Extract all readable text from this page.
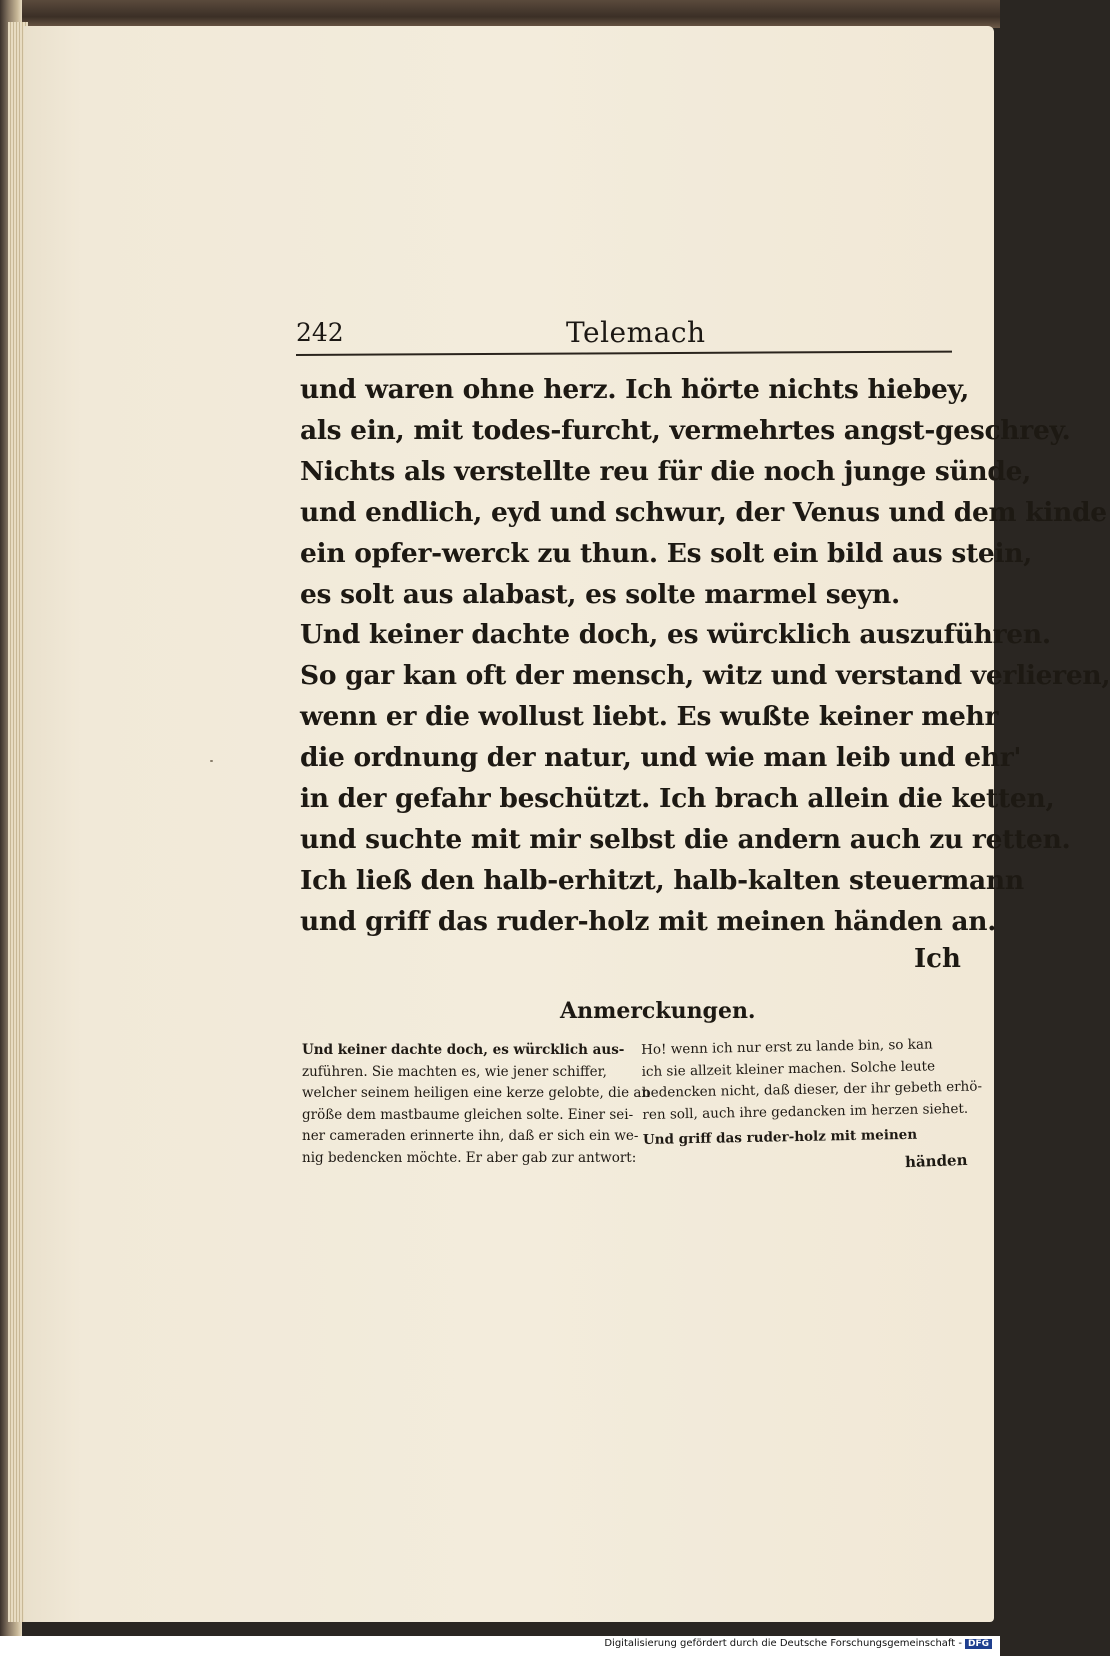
242	Telemach
und waren ohne herz. Ich hörte nichts hiebey,
als ein, mit todes-furcht, vermehrtes angst-geschrey.
Nichts als verstellte reu für die noch junge sünde,
und endlich, eyd und schwur, der Venus und dem kinde
ein opfer-werck zu thun. Es solt ein bild aus stein,
es solt aus alabast, es solte marmel seyn.
Und keiner dachte doch, es würcklich auszuführen.
So gar kan oft der mensch, witz und verstand verlieren,
wenn er die wollust liebt. Es wußte keiner mehr
die ordnung der natur, und wie man leib und ehr'
in der gefahr beschützt. Ich brach allein die ketten,
und suchte mit mir selbst die andern auch zu retten.
Ich ließ den halb-erhitzt, halb-kalten steuermann
und griff das ruder-holz mit meinen händen an.
Ich
Anmerckungen.
Und keiner dachte doch, es würcklich aus-
zuführen. Sie machten es, wie jener schiffer,
welcher seinem heiligen eine kerze gelobte, die an
größe dem mastbaume gleichen solte. Einer sei-
ner cameraden erinnerte ihn, daß er sich ein we-
nig bedencken möchte. Er aber gab zur antwort:
Ho! wenn ich nur erst zu lande bin, so kan
ich sie allzeit kleiner machen. Solche leute
bedencken nicht, daß dieser, der ihr gebeth erhö-
ren soll, auch ihre gedancken im herzen siehet.
Und griff das ruder-holz mit meinen
händen
Digitalisierung gefördert durch die Deutsche Forschungsgemeinschaft - DFG
